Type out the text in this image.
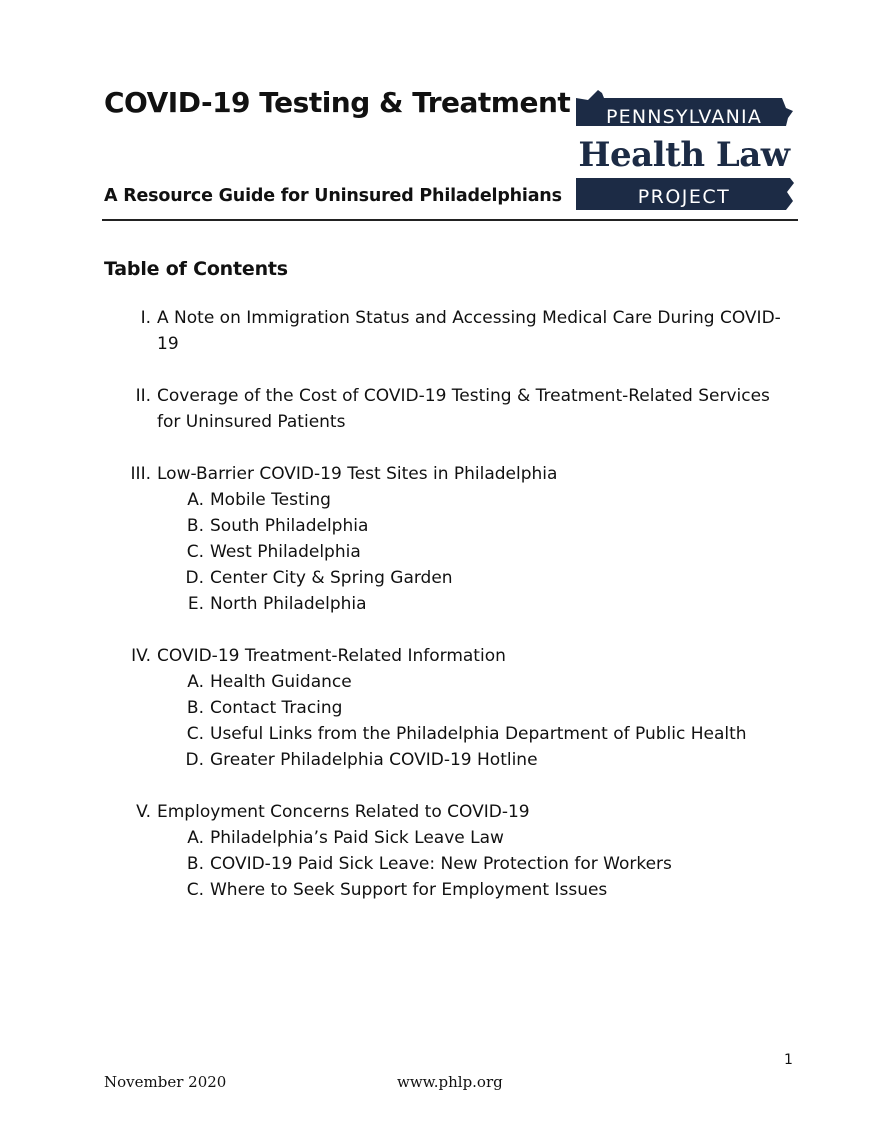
COVID-19 Testing & Treatment
A Resource Guide for Uninsured Philadelphians
PENNSYLVANIA
Health Law
PROJECT
Table of Contents
I. A Note on Immigration Status and Accessing Medical Care During COVID-19
II. Coverage of the Cost of COVID-19 Testing & Treatment-Related Services for Uninsured Patients
III. Low-Barrier COVID-19 Test Sites in Philadelphia
A. Mobile Testing
B. South Philadelphia
C. West Philadelphia
D. Center City & Spring Garden
E. North Philadelphia
IV. COVID-19 Treatment-Related Information
A. Health Guidance
B. Contact Tracing
C. Useful Links from the Philadelphia Department of Public Health
D. Greater Philadelphia COVID-19 Hotline
V. Employment Concerns Related to COVID-19
A. Philadelphia’s Paid Sick Leave Law
B. COVID-19 Paid Sick Leave: New Protection for Workers
C. Where to Seek Support for Employment Issues
1
November 2020	www.phlp.org
